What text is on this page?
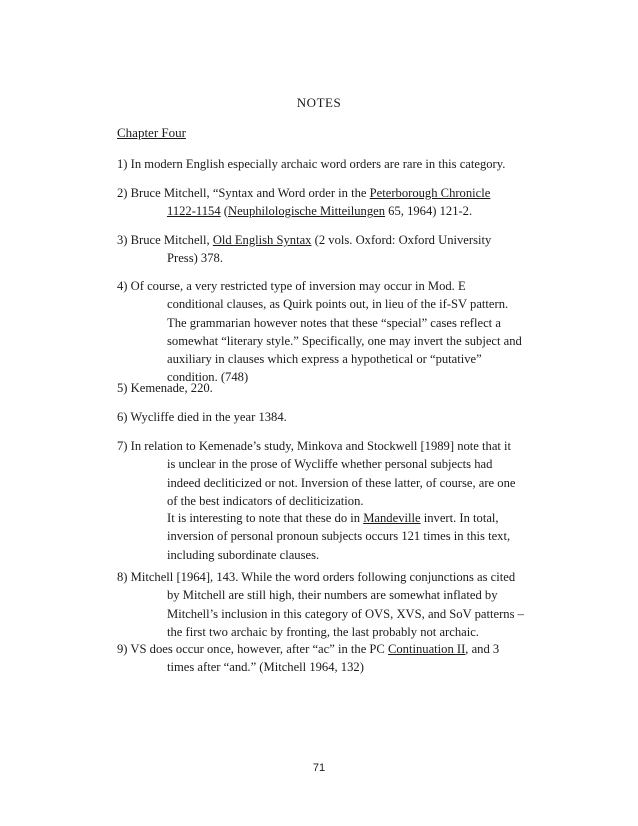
NOTES
Chapter Four
1) In modern English especially archaic word orders are rare in this category.
2) Bruce Mitchell, “Syntax and Word order in the Peterborough Chronicle
1122-1154 (Neuphilologische Mitteilungen 65, 1964) 121-2.
3) Bruce Mitchell, Old English Syntax (2 vols. Oxford: Oxford University
Press) 378.
4) Of course, a very restricted type of inversion may occur in Mod. E
conditional clauses, as Quirk points out, in lieu of the if-SV pattern.
The grammarian however notes that these “special” cases reflect a
somewhat “literary style.” Specifically, one may invert the subject and
auxiliary in clauses which express a hypothetical or “putative”
condition. (748)
5) Kemenade, 220.
6) Wycliffe died in the year 1384.
7) In relation to Kemenade’s study, Minkova and Stockwell [1989] note that it
is unclear in the prose of Wycliffe whether personal subjects had
indeed decliticized or not. Inversion of these latter, of course, are one
of the best indicators of decliticization.
It is interesting to note that these do in Mandeville invert. In total,
inversion of personal pronoun subjects occurs 121 times in this text,
including subordinate clauses.
8) Mitchell [1964], 143. While the word orders following conjunctions as cited
by Mitchell are still high, their numbers are somewhat inflated by
Mitchell’s inclusion in this category of OVS, XVS, and SoV patterns –
the first two archaic by fronting, the last probably not archaic.
9) VS does occur once, however, after “ac” in the PC Continuation II, and 3
times after “and.” (Mitchell 1964, 132)
71
